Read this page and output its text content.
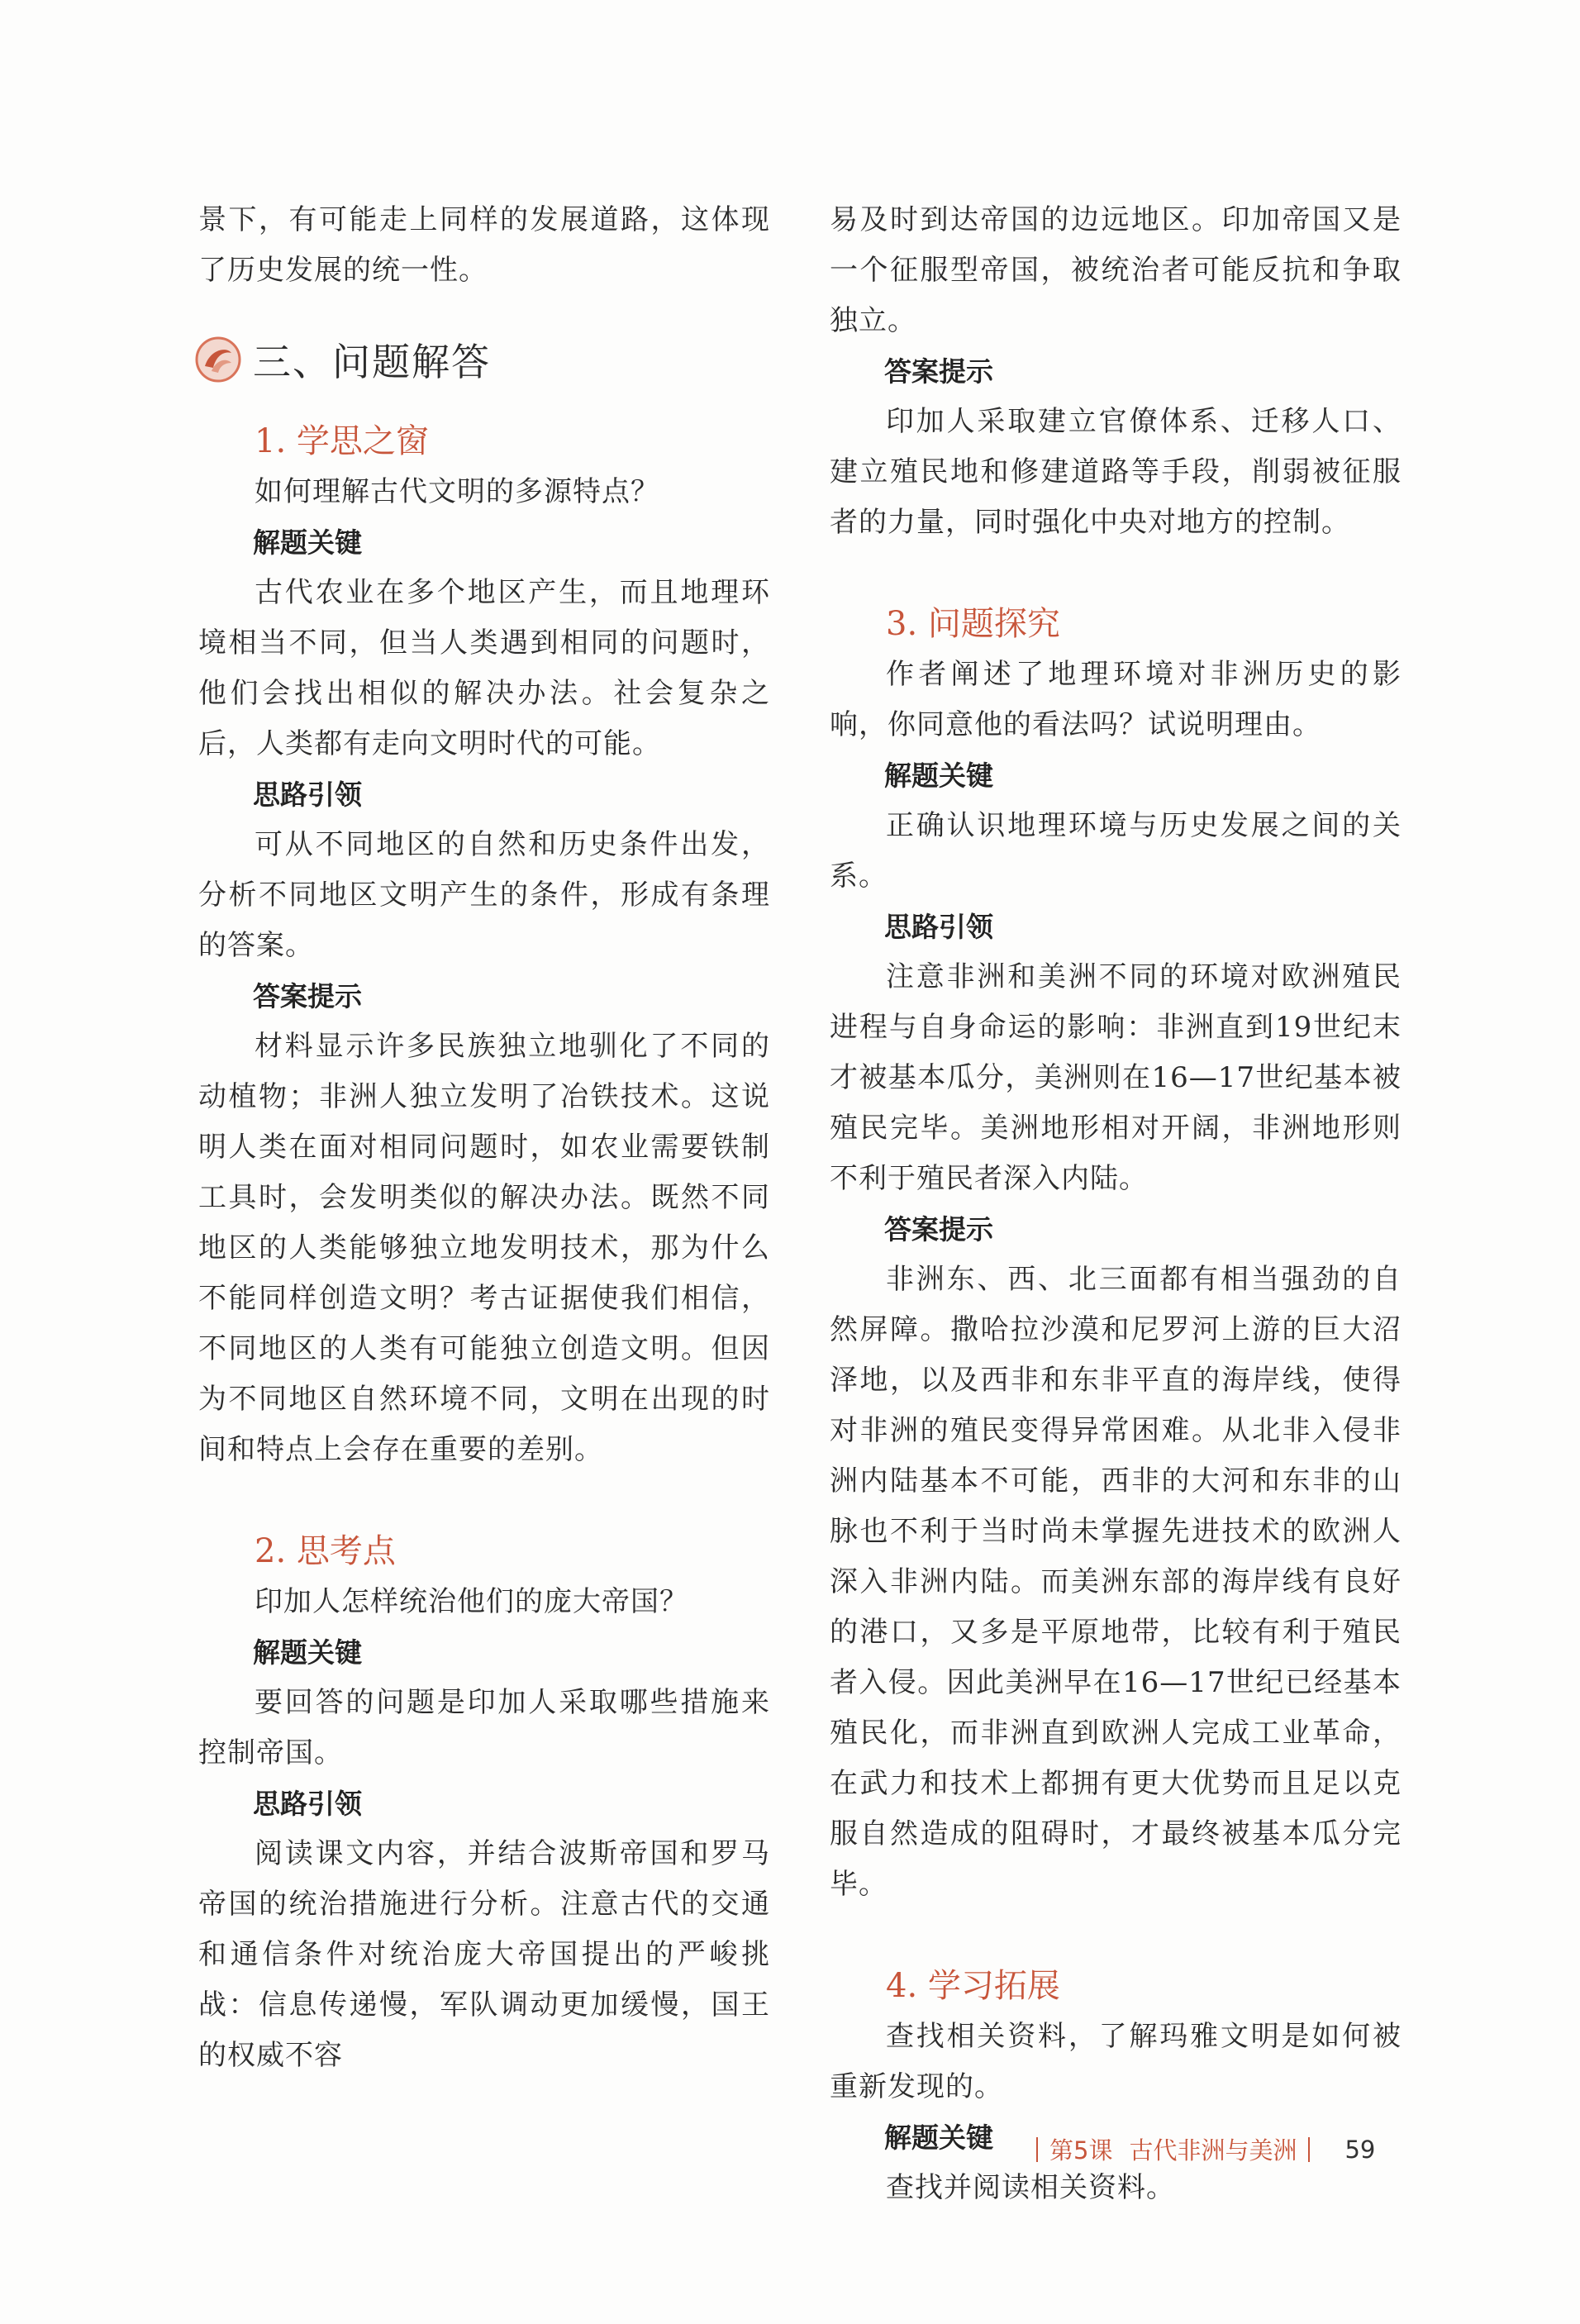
景下，有可能走上同样的发展道路，这体现了历史发展的统一性。

三、问题解答

1. 学思之窗

如何理解古代文明的多源特点？

解题关键

古代农业在多个地区产生，而且地理环境相当不同，但当人类遇到相同的问题时，他们会找出相似的解决办法。社会复杂之后，人类都有走向文明时代的可能。

思路引领

可从不同地区的自然和历史条件出发，分析不同地区文明产生的条件，形成有条理的答案。

答案提示

材料显示许多民族独立地驯化了不同的动植物；非洲人独立发明了冶铁技术。这说明人类在面对相同问题时，如农业需要铁制工具时，会发明类似的解决办法。既然不同地区的人类能够独立地发明技术，那为什么不能同样创造文明？考古证据使我们相信，不同地区的人类有可能独立创造文明。但因为不同地区自然环境不同，文明在出现的时间和特点上会存在重要的差别。

2. 思考点

印加人怎样统治他们的庞大帝国？

解题关键

要回答的问题是印加人采取哪些措施来控制帝国。

思路引领

阅读课文内容，并结合波斯帝国和罗马帝国的统治措施进行分析。注意古代的交通和通信条件对统治庞大帝国提出的严峻挑战：信息传递慢，军队调动更加缓慢，国王的权威不容

易及时到达帝国的边远地区。印加帝国又是一个征服型帝国，被统治者可能反抗和争取独立。

答案提示

印加人采取建立官僚体系、迁移人口、建立殖民地和修建道路等手段，削弱被征服者的力量，同时强化中央对地方的控制。

3. 问题探究

作者阐述了地理环境对非洲历史的影响，你同意他的看法吗？试说明理由。

解题关键

正确认识地理环境与历史发展之间的关系。

思路引领

注意非洲和美洲不同的环境对欧洲殖民进程与自身命运的影响：非洲直到19世纪末才被基本瓜分，美洲则在16—17世纪基本被殖民完毕。美洲地形相对开阔，非洲地形则不利于殖民者深入内陆。

答案提示

非洲东、西、北三面都有相当强劲的自然屏障。撒哈拉沙漠和尼罗河上游的巨大沼泽地，以及西非和东非平直的海岸线，使得对非洲的殖民变得异常困难。从北非入侵非洲内陆基本不可能，西非的大河和东非的山脉也不利于当时尚未掌握先进技术的欧洲人深入非洲内陆。而美洲东部的海岸线有良好的港口，又多是平原地带，比较有利于殖民者入侵。因此美洲早在16—17世纪已经基本殖民化，而非洲直到欧洲人完成工业革命，在武力和技术上都拥有更大优势而且足以克服自然造成的阻碍时，才最终被基本瓜分完毕。

4. 学习拓展

查找相关资料，了解玛雅文明是如何被重新发现的。

解题关键

查找并阅读相关资料。

第5课 古代非洲与美洲 59
